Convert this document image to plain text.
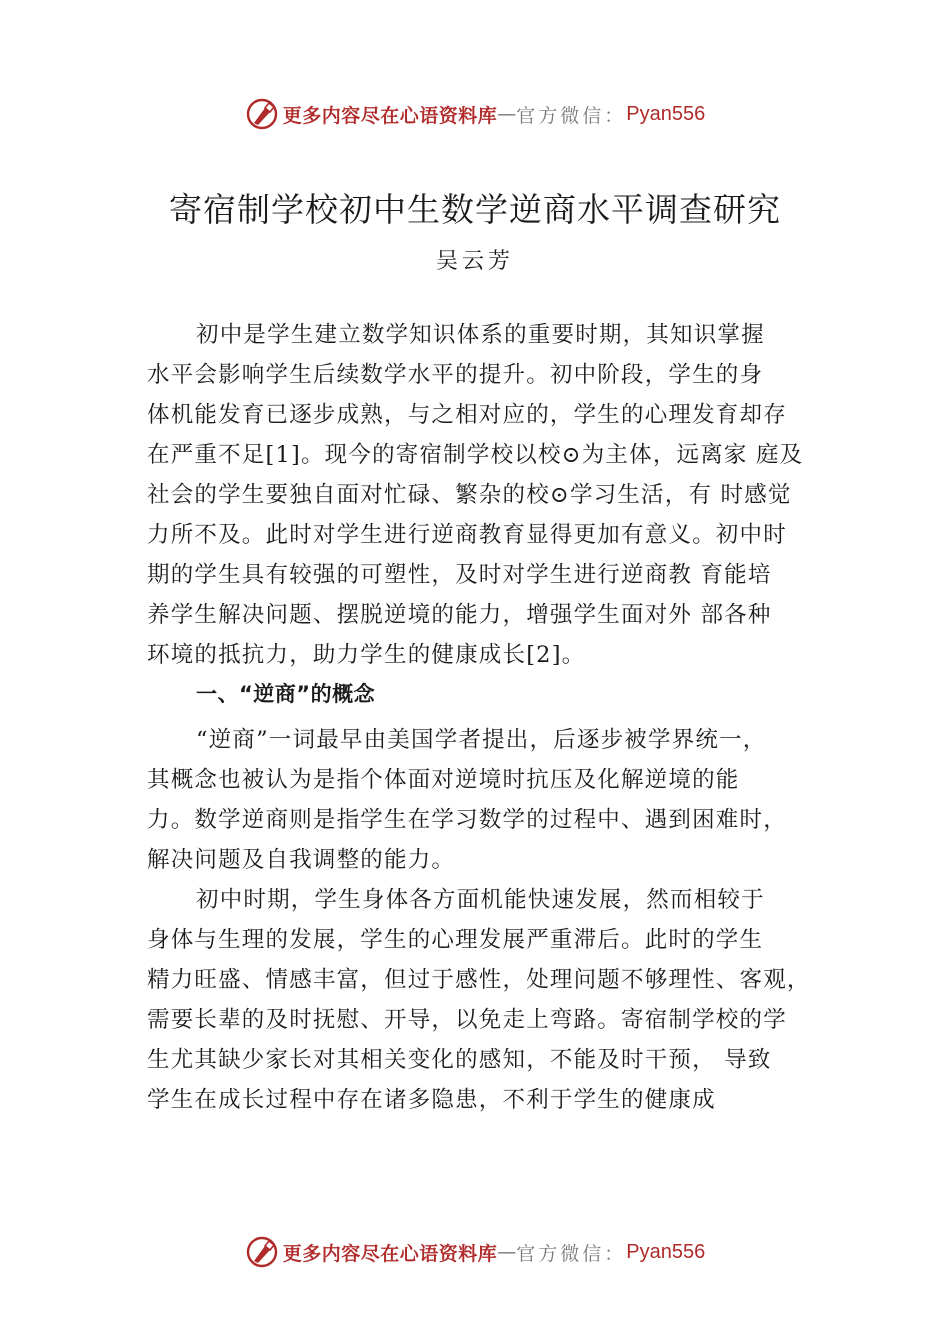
更多内容尽在心语资料库 — 官方微信： Pyan556
寄宿制学校初中生数学逆商水平调查研究
吴云芳
初中是学生建立数学知识体系的重要时期，其知识掌握
水平会影响学生后续数学水平的提升。初中阶段，学生的身
体机能发育已逐步成熟，与之相对应的，学生的心理发育却存
在严重不足[1]。现今的寄宿制学校以校⊙为主体，远离家 庭及
社会的学生要独自面对忙碌、繁杂的校⊙学习生活，有 时感觉
力所不及。此时对学生进行逆商教育显得更加有意义。初中时
期的学生具有较强的可塑性，及时对学生进行逆商教 育能培
养学生解决问题、摆脱逆境的能力，增强学生面对外 部各种
环境的抵抗力，助力学生的健康成长[2]。
一、“逆商”的概念
“逆商”一词最早由美国学者提出，后逐步被学界统一，
其概念也被认为是指个体面对逆境时抗压及化解逆境的能
力。数学逆商则是指学生在学习数学的过程中、遇到困难时，
解决问题及自我调整的能力。
初中时期，学生身体各方面机能快速发展，然而相较于
身体与生理的发展，学生的心理发展严重滞后。此时的学生
精力旺盛、情感丰富，但过于感性，处理问题不够理性、客观，
需要长辈的及时抚慰、开导，以免走上弯路。寄宿制学校的学
生尤其缺少家长对其相关变化的感知，不能及时干预， 导致
学生在成长过程中存在诸多隐患，不利于学生的健康成
更多内容尽在心语资料库 — 官方微信： Pyan556
